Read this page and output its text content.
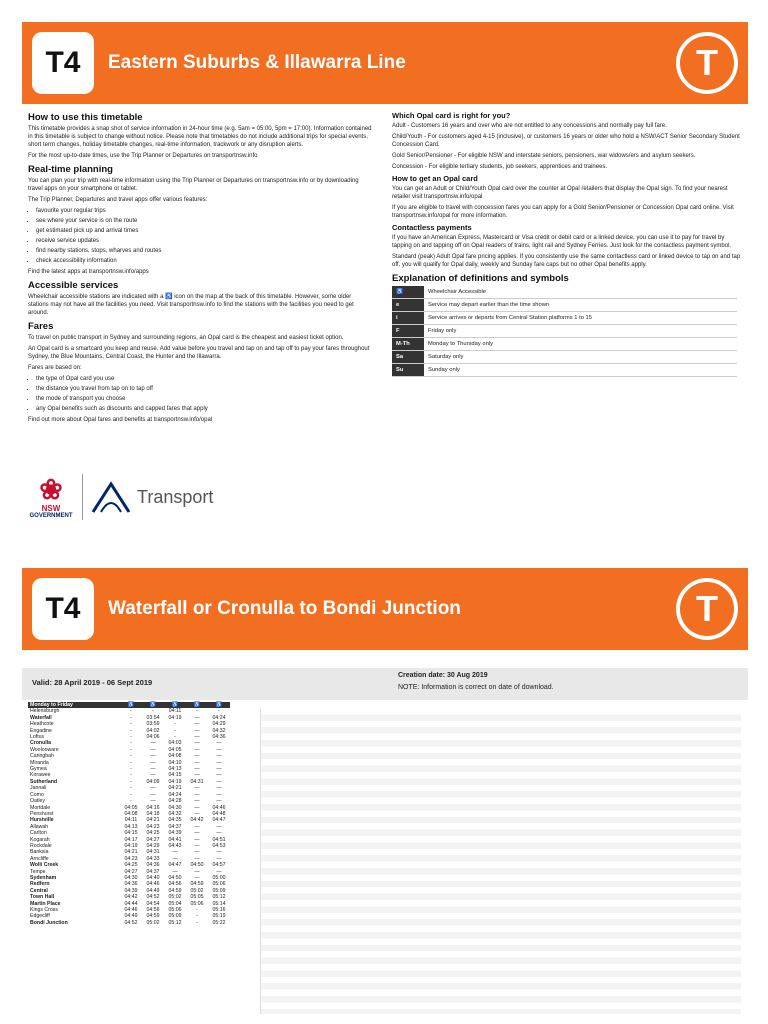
T4	Eastern Suburbs & Illawarra Line	T
How to use this timetable

This timetable provides a snap shot of service information in 24-hour time (e.g. 5am = 05:00, 5pm = 17:00). Information contained in this timetable is subject to change without notice. Please note that timetables do not include additional trips for special events, short term changes, holiday timetable changes, real-time information, trackwork or any disruption alerts.

For the most up-to-date times, use the Trip Planner or Departures on transportnsw.info

Real-time planning

You can plan your trip with real-time information using the Trip Planner or Departures on transportnsw.info or by downloading travel apps on your smartphone or tablet.

The Trip Planner, Departures and travel apps offer various features:

• favourite your regular trips
• see where your service is on the route
• get estimated pick up and arrival times
• receive service updates
• find nearby stations, stops, wharves and routes
• check accessibility information

Find the latest apps at transportnsw.info/apps

Accessible services

Wheelchair accessible stations are indicated with a ♿ icon on the map at the back of this timetable. However, some older stations may not have all the facilities you need. Visit transportnsw.info to find the stations with the facilities you need to get around.

Fares

To travel on public transport in Sydney and surrounding regions, an Opal card is the cheapest and easiest ticket option.

An Opal card is a smartcard you keep and reuse. Add value before you travel and tap on and tap off to pay your fares throughout Sydney, the Blue Mountains, Central Coast, the Hunter and the Illawarra.

Fares are based on:

• the type of Opal card you use
• the distance you travel from tap on to tap off
• the mode of transport you choose
• any Opal benefits such as discounts and capped fares that apply

Find out more about Opal fares and benefits at transportnsw.info/opal

Which Opal card is right for you?

Adult - Customers 16 years and over who are not entitled to any concessions and normally pay full fare.

Child/Youth - For customers aged 4-15 (inclusive), or customers 16 years or older who hold a NSW/ACT Senior Secondary Student Concession Card.

Gold Senior/Pensioner - For eligible NSW and interstate seniors, pensioners, war widows/ers and asylum seekers.

Concession - For eligible tertiary students, job seekers, apprentices and trainees.

How to get an Opal card

You can get an Adult or Child/Youth Opal card over the counter at Opal retailers that display the Opal sign. To find your nearest retailer visit transportnsw.info/opal

If you are eligible to travel with concession fares you can apply for a Gold Senior/Pensioner or Concession Opal card online. Visit transportnsw.info/opal for more information.

Contactless payments

If you have an American Express, Mastercard or Visa credit or debit card or a linked device, you can use it to pay for travel by tapping on and tapping off on Opal readers of trains, light rail and Sydney Ferries. Just look for the contactless payment symbol.

Standard (peak) Adult Opal fare pricing applies. If you consistently use the same contactless card or linked device to tap on and tap off, you will qualify for Opal daily, weekly and Sunday fare caps but no other Opal benefits apply.

Explanation of definitions and symbols
♿	Wheelchair Accessible
e	Service may depart earlier than the time shown
i	Service arrives or departs from Central Station platforms 1 to 15
F	Friday only
M-Th	Monday to Thursday only
Sa	Saturday only
Su	Sunday only
❀
NSW
GOVERNMENT
Transport
T4	Waterfall or Cronulla to Bondi Junction	T
Valid: 28 April 2019 - 06 Sept 2019
Creation date: 30 Aug 2019
NOTE: Information is correct on date of download.
Monday to Friday	♿	♿	♿	♿	♿
Helensburgh	-	-	04:11	-	-
Waterfall	-	03:54	04:19	—	04:24
Heathcote	-	03:59	-	—	04:29
Engadine	-	04:02	-	—	04:32
Loftus	-	04:06	-	—	04:36
Cronulla	-	—	04:03	—	—
Woolooware	-	—	04:05	—	—
Caringbah	-	—	04:08	—	—
Miranda	-	—	04:10	—	—
Gymea	-	—	04:13	—	—
Kirrawee	-	—	04:15	—	—
Sutherland	-	04:09	04:19	04:31	—
Jannali	-	—	04:21	—	—
Como	-	—	04:24	—	—
Oatley	-	—	04:28	—	—
Mortdale	04:05	04:16	04:30	—	04:46
Penshurst	04:08	04:18	04:32	—	04:48
Hurstville	04:11	04:21	04:35	04:42	04:47
Allawah	04:13	04:23	04:37	—	—
Carlton	04:15	04:25	04:39	—	—
Kogarah	04:17	04:27	04:41	—	04:51
Rockdale	04:19	04:29	04:43	—	04:53
Banksia	04:21	04:31	—	—	—
Arncliffe	04:23	04:33	—	—	—
Wolli Creek	04:25	04:36	04:47	04:50	04:57
Tempe	04:27	04:37	—	—	—
Sydenham	04:30	04:40	04:50	—	05:00
Redfern	04:36	04:46	04:56	04:59	05:06
Central	04:39	04:49	04:59	05:02	05:09
Town Hall	04:42	04:52	05:02	05:05	05:12
Martin Place	04:44	04:54	05:04	05:06	05:14
Kings Cross	04:46	04:56	05:06	-	05:16
Edgecliff	04:49	04:59	05:09	-	05:19
Bondi Junction	04:52	05:02	05:12	-	05:22
